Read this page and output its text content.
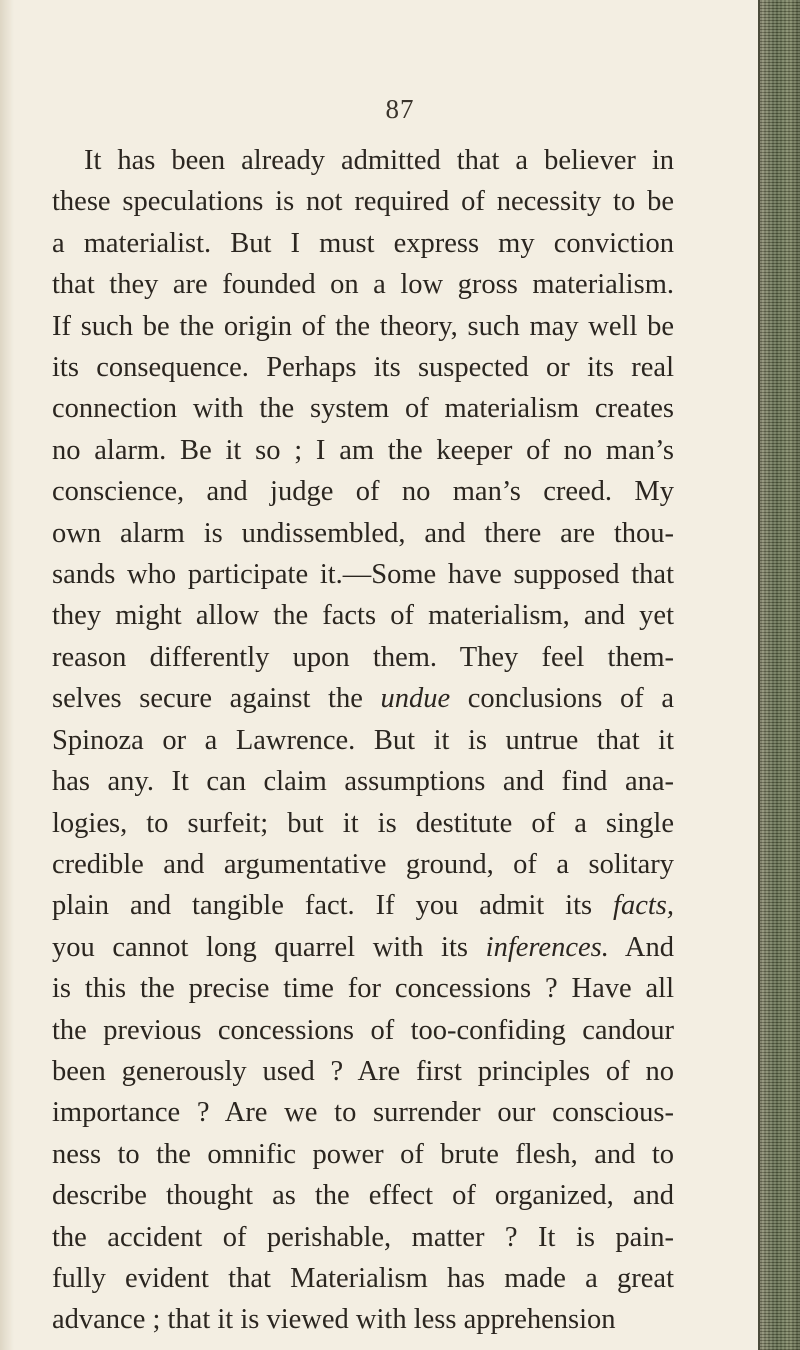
87
It has been already admitted that a believer in
these speculations is not required of necessity to be
a materialist. But I must express my conviction
that they are founded on a low gross materialism.
If such be the origin of the theory, such may well be
its consequence. Perhaps its suspected or its real
connection with the system of materialism creates
no alarm. Be it so ; I am the keeper of no man’s
conscience, and judge of no man’s creed. My
own alarm is undissembled, and there are thou-
sands who participate it.—Some have supposed that
they might allow the facts of materialism, and yet
reason differently upon them. They feel them-
selves secure against the undue conclusions of a
Spinoza or a Lawrence. But it is untrue that it
has any. It can claim assumptions and find ana-
logies, to surfeit; but it is destitute of a single
credible and argumentative ground, of a solitary
plain and tangible fact. If you admit its facts,
you cannot long quarrel with its inferences. And
is this the precise time for concessions ? Have all
the previous concessions of too-confiding candour
been generously used ? Are first principles of no
importance ? Are we to surrender our conscious-
ness to the omnific power of brute flesh, and to
describe thought as the effect of organized, and
the accident of perishable, matter ? It is pain-
fully evident that Materialism has made a great
advance ; that it is viewed with less apprehension
